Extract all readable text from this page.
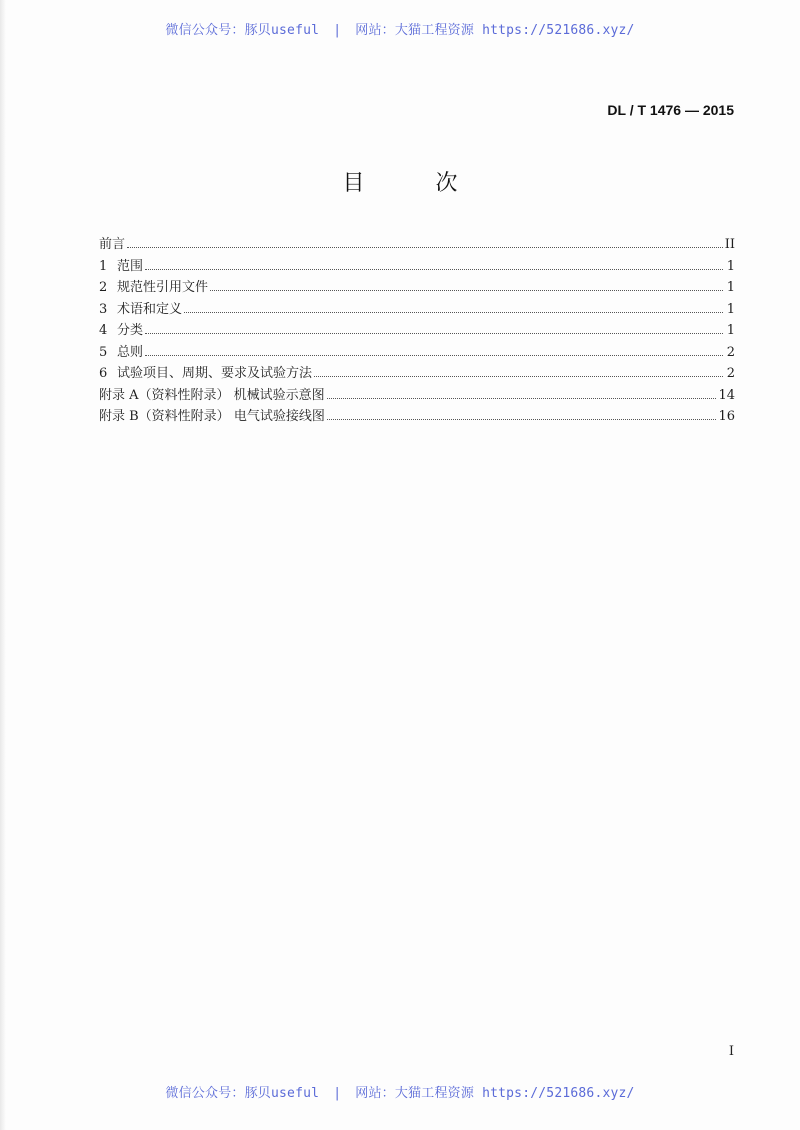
微信公众号：豚贝useful | 网站：大猫工程资源 https://521686.xyz/
DL / T 1476 — 2015
目 次
前言	II
1 范围	1
2 规范性引用文件	1
3 术语和定义	1
4 分类	1
5 总则	2
6 试验项目、周期、要求及试验方法	2
附录 A（资料性附录） 机械试验示意图	14
附录 B（资料性附录） 电气试验接线图	16
I
微信公众号：豚贝useful | 网站：大猫工程资源 https://521686.xyz/
